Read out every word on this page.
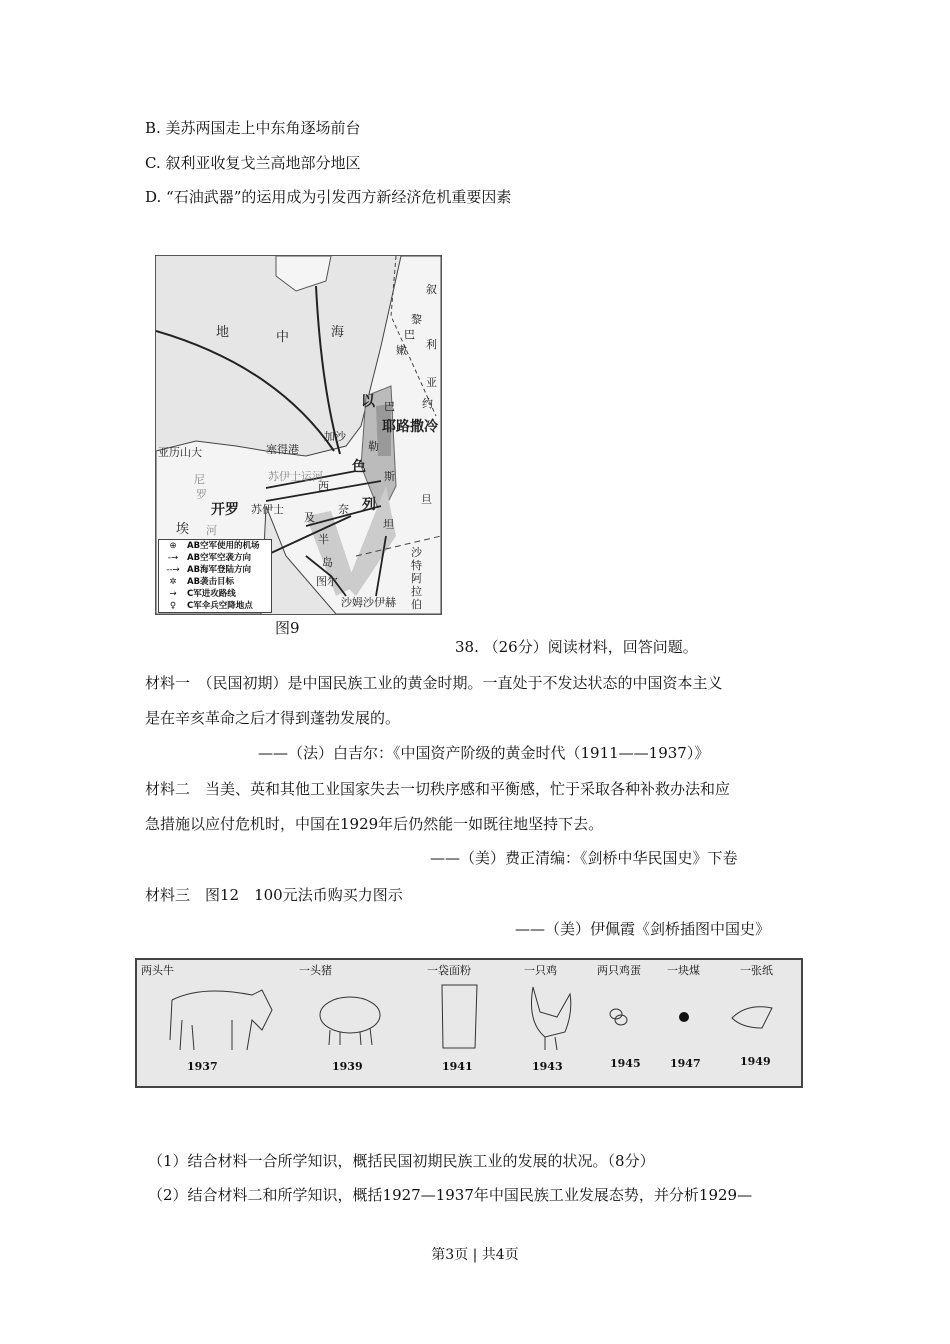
B. 美苏两国走上中东角逐场前台
C. 叙利亚收复戈兰高地部分地区
D. “石油武器”的运用成为引发西方新经济危机重要因素
地	中	海
叙
利
亚
黎
巴
嫩
约
旦
沙
特
阿
拉
伯
以
色
列
巴
勒
斯
坦
耶路撒冷
加沙
塞得港
苏伊士运河
苏伊士
亚历山大
开罗
埃
尼
罗
河
西
奈
半
岛
及
图尔
沙姆沙伊赫
⊕ AB空军使用的机场
-→ AB空军空袭方向
--→ AB海军登陆方向
✲ AB袭击目标
→ C军进攻路线
♀ C军伞兵空降地点
图9
38. （26分）阅读材料，回答问题。
材料一　（民国初期）是中国民族工业的黄金时期。一直处于不发达状态的中国资本主义
是在辛亥革命之后才得到蓬勃发展的。
——（法）白吉尔：《中国资产阶级的黄金时代（1911——1937）》
材料二　当美、英和其他工业国家失去一切秩序感和平衡感，忙于采取各种补救办法和应
急措施以应付危机时，中国在1929年后仍然能一如既往地坚持下去。
——（美）费正清编：《剑桥中华民国史》下卷
材料三　图12　100元法币购买力图示
——（美）伊佩霞《剑桥插图中国史》
两头牛
1937
一头猪
1939
一袋面粉
1941
一只鸡
1943
两只鸡蛋
1945
一块煤
1947
一张纸
1949
（1）结合材料一合所学知识，概括民国初期民族工业的发展的状况。（8分）
（2）结合材料二和所学知识，概括1927—1937年中国民族工业发展态势，并分析1929—
第3页 | 共4页
